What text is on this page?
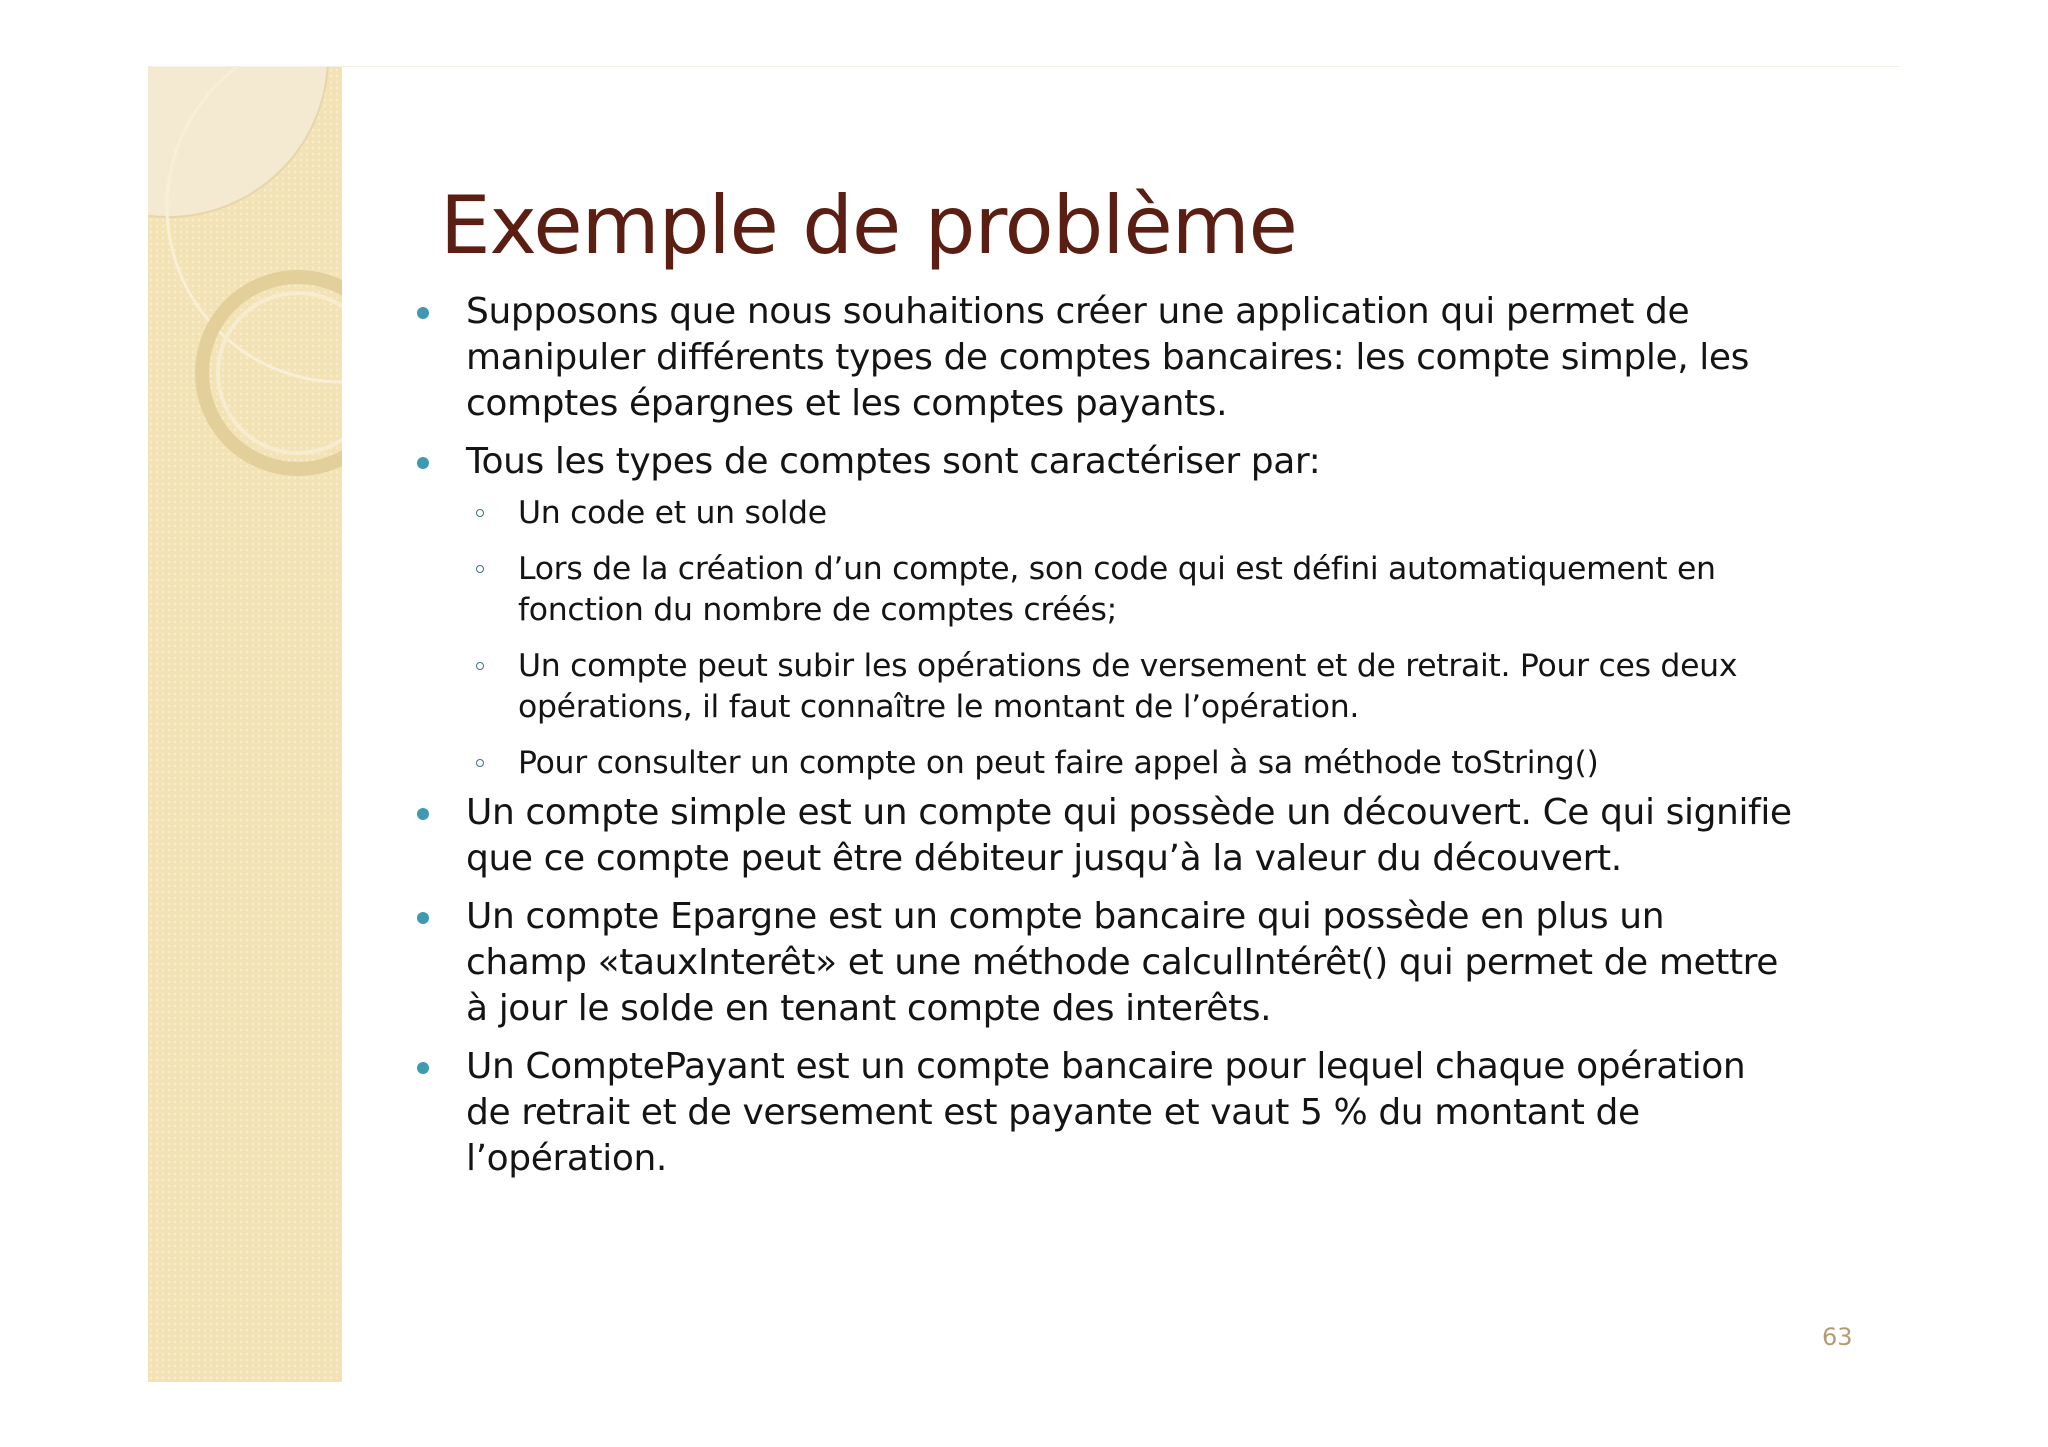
Exemple de problème
Supposons que nous souhaitions créer une application qui permet de manipuler différents types de comptes bancaires: les compte simple, les comptes épargnes et les comptes payants.
Tous les types de comptes sont caractériser par:
Un code et un solde
Lors de la création d’un compte, son code qui est défini automatiquement en fonction du nombre de comptes créés;
Un compte peut subir les opérations de versement et de retrait. Pour ces deux opérations, il faut connaître le montant de l’opération.
Pour consulter un compte on peut faire appel à sa méthode toString()
Un compte simple est un compte qui possède un découvert. Ce qui signifie que ce compte peut être débiteur jusqu’à la valeur du découvert.
Un compte Epargne est un compte bancaire qui possède en plus un champ «tauxInterêt» et une méthode calculIntérêt() qui permet de mettre à jour le solde en tenant compte des interêts.
Un ComptePayant est un compte bancaire pour lequel chaque opération de retrait et de versement est payante et vaut 5 % du montant de l’opération.
63
